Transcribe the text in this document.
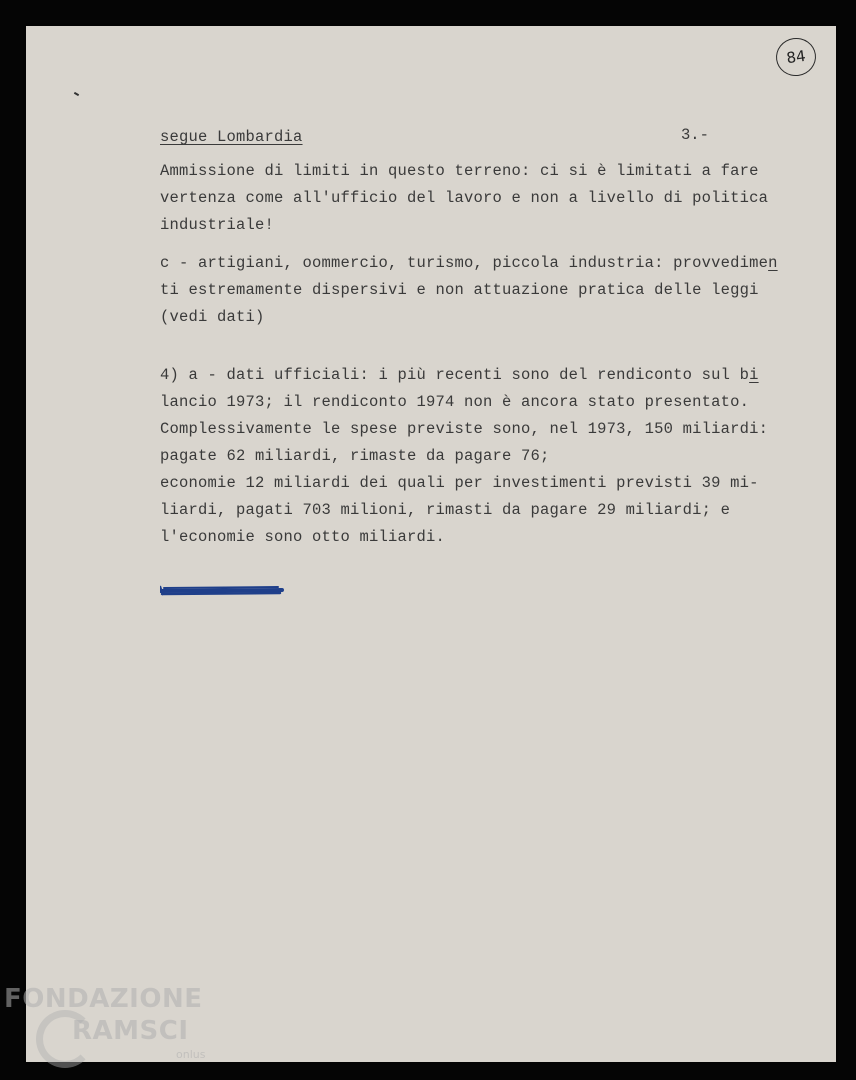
84
segue Lombardia	3.-
Ammissione di limiti in questo terreno: ci si è limitati a fare
vertenza come all'ufficio del lavoro e non a livello di politica
industriale!
c - artigiani, oommercio, turismo, piccola industria: provvedimen
ti estremamente dispersivi e non attuazione pratica delle leggi
(vedi dati)
4) a - dati ufficiali: i più recenti sono del rendiconto sul bi
lancio 1973; il rendiconto 1974 non è ancora stato presentato.
Complessivamente le spese previste sono, nel 1973, 150 miliardi:
pagate 62 miliardi, rimaste da pagare 76;
economie 12 miliardi dei quali per investimenti previsti 39 mi-
liardi, pagati 703 milioni, rimasti da pagare 29 miliardi; e
l'economie sono otto miliardi.
FONDAZIONE
RAMSCI
onlus
